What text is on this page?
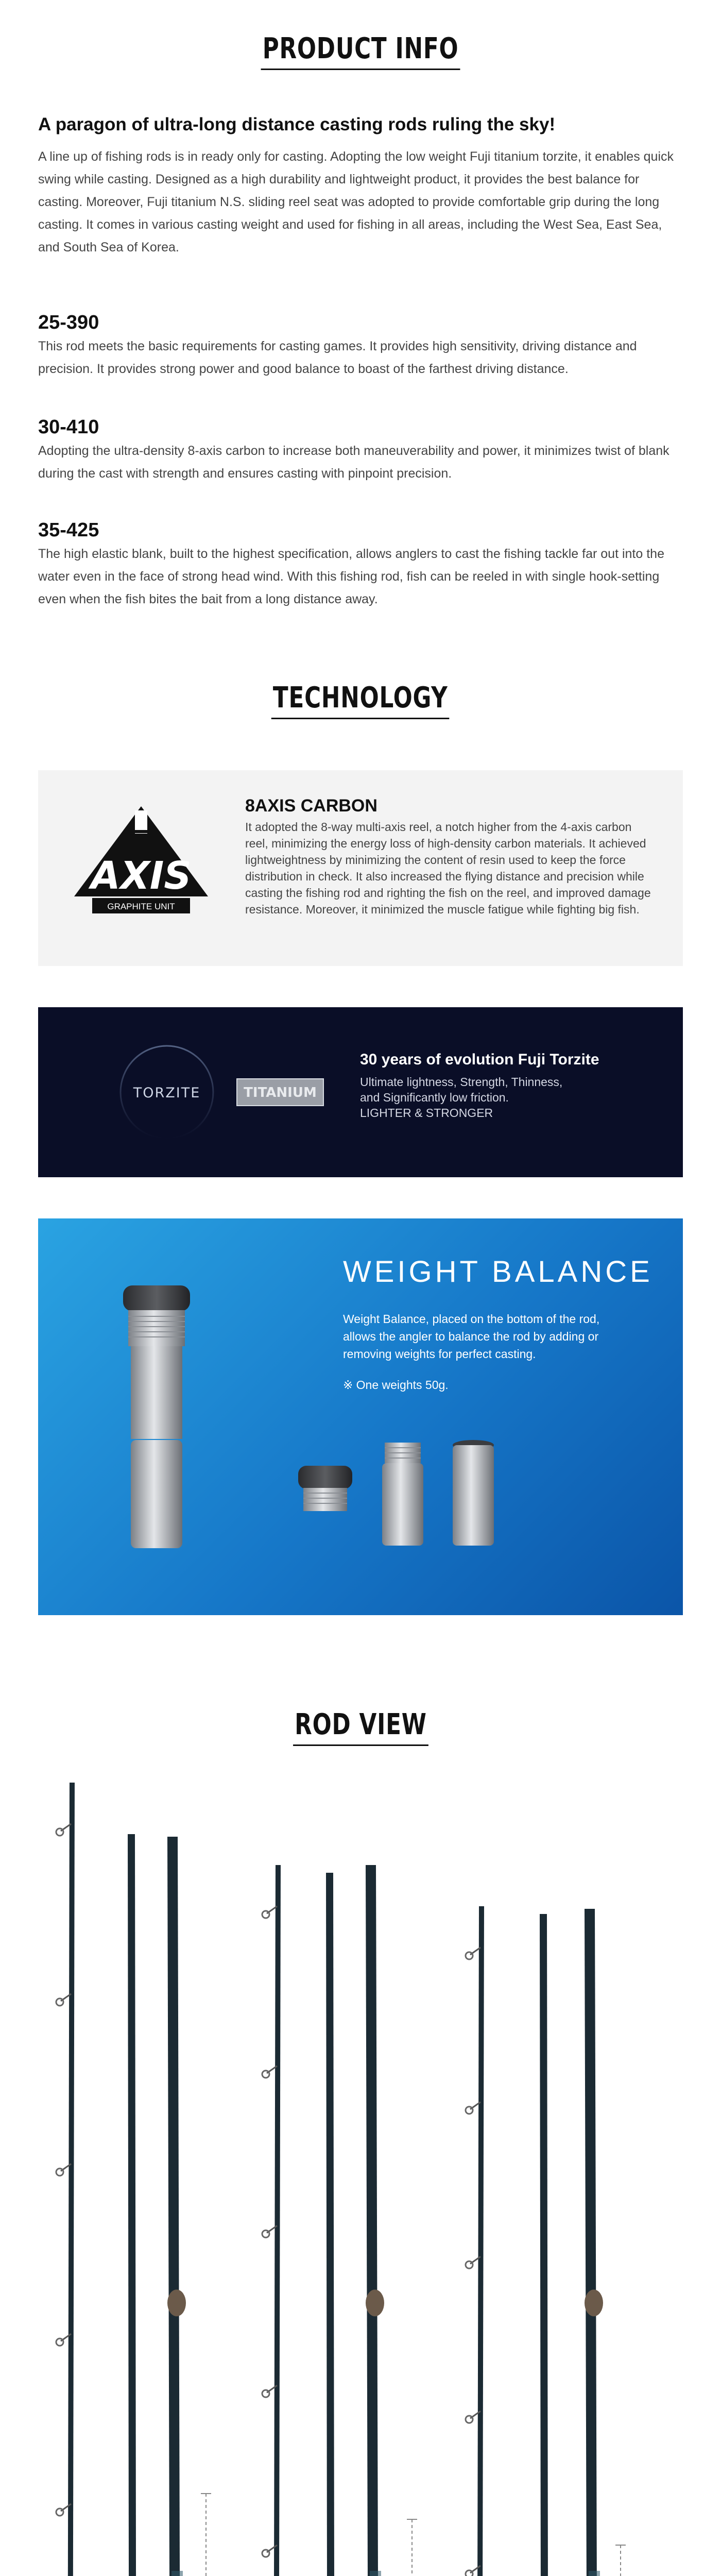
PRODUCT INFO
A paragon of ultra-long distance casting rods ruling the sky!
A line up of fishing rods is in ready only for casting. Adopting the low weight Fuji titanium torzite, it enables quick swing while casting. Designed as a high durability and lightweight product, it provides the best balance for casting. Moreover, Fuji titanium N.S. sliding reel seat was adopted to provide comfortable grip during the long casting. It comes in various casting weight and used for fishing in all areas, including the West Sea, East Sea, and South Sea of Korea.
25-390
This rod meets the basic requirements for casting games. It provides high sensitivity, driving distance and precision. It provides strong power and good balance to boast of the farthest driving distance.
30-410
Adopting the ultra-density 8-axis carbon to increase both maneuverability and power, it minimizes twist of blank during the cast with strength and ensures casting with pinpoint precision.
35-425
The high elastic blank, built to the highest specification, allows anglers to cast the fishing tackle far out into the water even in the face of strong head wind. With this fishing rod, fish can be reeled in with single hook-setting even when the fish bites the bait from a long distance away.
TECHNOLOGY
AXIS
GRAPHITE UNIT
8AXIS CARBON
It adopted the 8-way multi-axis reel, a notch higher from the 4-axis carbon reel, minimizing the energy loss of high-density carbon materials. It achieved lightweightness by minimizing the content of resin used to keep the force distribution in check. It also increased the flying distance and precision while casting the fishing rod and righting the fish on the reel, and improved damage resistance. Moreover, it minimized the muscle fatigue while fighting big fish.
TORZITE	TITANIUM
30 years of evolution Fuji Torzite
Ultimate lightness, Strength, Thinness,
and Significantly low friction.
LIGHTER & STRONGER
WEIGHT BALANCE
Weight Balance, placed on the bottom of the rod, allows the angler to balance the rod by adding or removing weights for perfect casting.
※ One weights 50g.
ROD VIEW
